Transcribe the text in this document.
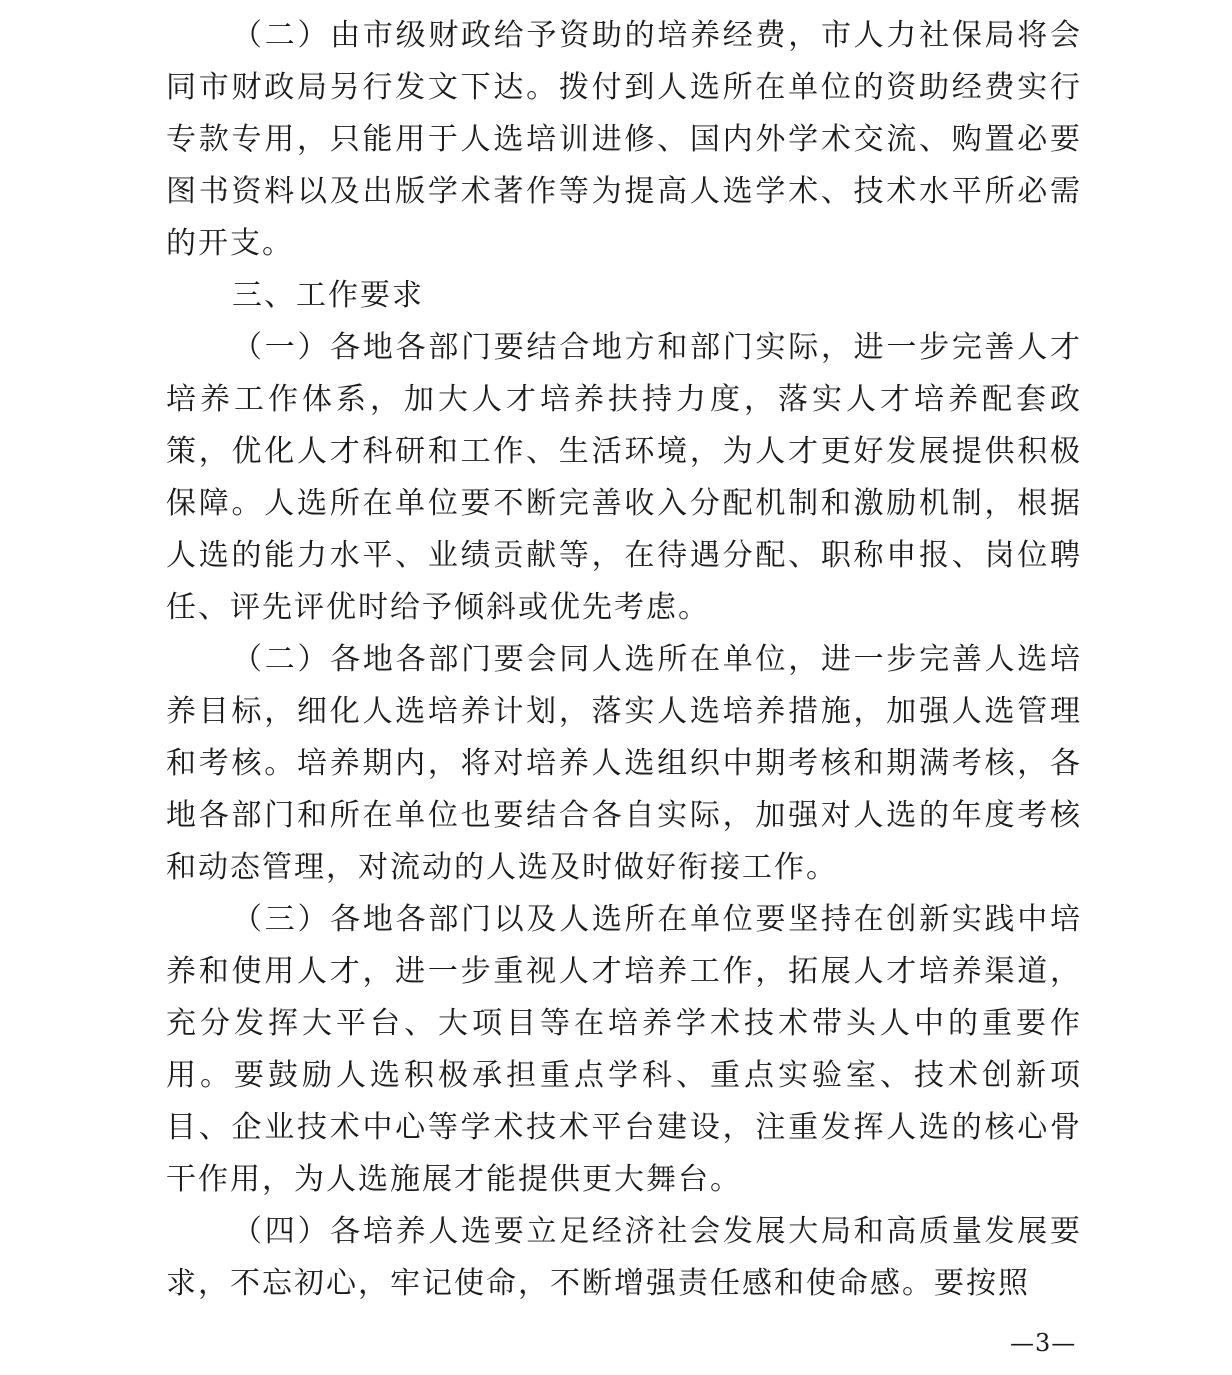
（二）由市级财政给予资助的培养经费，市人力社保局将会同市财政局另行发文下达。拨付到人选所在单位的资助经费实行专款专用，只能用于人选培训进修、国内外学术交流、购置必要图书资料以及出版学术著作等为提高人选学术、技术水平所必需的开支。

三、工作要求

（一）各地各部门要结合地方和部门实际，进一步完善人才培养工作体系，加大人才培养扶持力度，落实人才培养配套政策，优化人才科研和工作、生活环境，为人才更好发展提供积极保障。人选所在单位要不断完善收入分配机制和激励机制，根据人选的能力水平、业绩贡献等，在待遇分配、职称申报、岗位聘任、评先评优时给予倾斜或优先考虑。

（二）各地各部门要会同人选所在单位，进一步完善人选培养目标，细化人选培养计划，落实人选培养措施，加强人选管理和考核。培养期内，将对培养人选组织中期考核和期满考核，各地各部门和所在单位也要结合各自实际，加强对人选的年度考核和动态管理，对流动的人选及时做好衔接工作。

（三）各地各部门以及人选所在单位要坚持在创新实践中培养和使用人才，进一步重视人才培养工作，拓展人才培养渠道，充分发挥大平台、大项目等在培养学术技术带头人中的重要作用。要鼓励人选积极承担重点学科、重点实验室、技术创新项目、企业技术中心等学术技术平台建设，注重发挥人选的核心骨干作用，为人选施展才能提供更大舞台。

（四）各培养人选要立足经济社会发展大局和高质量发展要求，不忘初心，牢记使命，不断增强责任感和使命感。要按照

—3—
